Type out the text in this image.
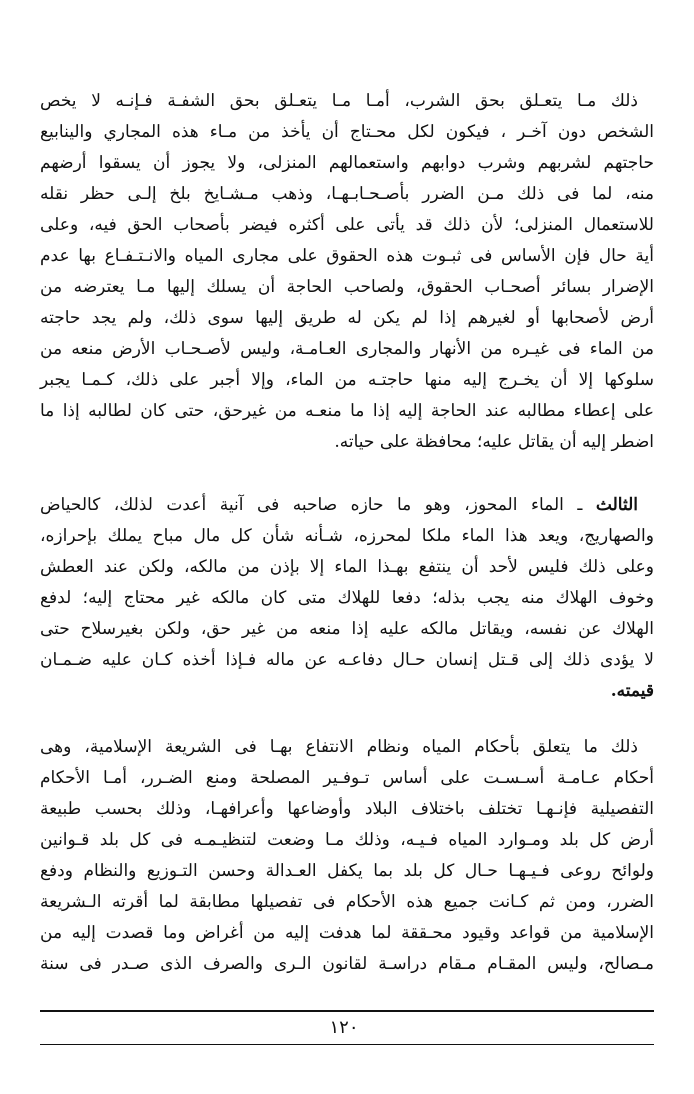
ذلك مـا يتعـلق بحق الشرب، أمـا مـا يتعـلق بحق الشفـة فـإنـه لا يخص
الشخص دون آخـر ، فيكون لكل محـتاج أن يأخذ من مـاء هذه المجاري والينابيع
حاجتهم لشربهم وشرب دوابهم واستعمالهم المنزلى، ولا يجوز أن يسقوا أرضهم
منه، لما فى ذلك مـن الضرر بأصـحـابـهـا، وذهب مـشـايخ بلخ إلـى حظر نقله
للاستعمال المنزلى؛ لأن ذلك قد يأتى على أكثره فيضر بأصحاب الحق فيه، وعلى
أية حال فإن الأساس فى ثبـوت هذه الحقوق على مجارى المياه والانـتـفـاع بها عدم
الإضرار بسائر أصحـاب الحقوق، ولصاحب الحاجة أن يسلك إليها مـا يعترضه من
أرض لأصحابها أو لغيرهم إذا لم يكن له طريق إليها سوى ذلك، ولم يجد حاجته
من الماء فى غيـره من الأنهار والمجارى العـامـة، وليس لأصـحـاب الأرض منعه من
سلوكها إلا أن يخـرج إليه منها حاجتـه من الماء، وإلا أجبر على ذلك، كـمـا يجبر
على إعطاء مطالبه عند الحاجة إليه إذا ما منعـه من غيرحق، حتى كان لطالبه إذا ما
اضطر إليه أن يقاتل عليه؛ محافظة على حياته.
الثالث ـ الماء المحوز، وهو ما حازه صاحبه فى آنية أعدت لذلك، كالحياض
والصهاريج، ويعد هذا الماء ملكا لمحرزه، شـأنه شأن كل مال مباح يملك بإحرازه،
وعلى ذلك فليس لأحد أن ينتفع بهـذا الماء إلا بإذن من مالكه، ولكن عند العطش
وخوف الهلاك منه يجب بذله؛ دفعا للهلاك متى كان مالكه غير محتاج إليه؛ لدفع
الهلاك عن نفسه، ويقاتل مالكه عليه إذا منعه من غير حق، ولكن بغيرسلاح حتى
لا يؤدى ذلك إلى قـتل إنسان حـال دفاعـه عن ماله فـإذا أخذه كـان عليه ضـمـان
قيمته.
ذلك ما يتعلق بأحكام المياه ونظام الانتفاع بهـا فى الشريعة الإسلامية، وهى
أحكام عـامـة أسـسـت على أساس تـوفـير المصلحة ومنع الضـرر، أمـا الأحكام
التفصيلية فإنـهـا تختلف باختلاف البلاد وأوضاعها وأعرافهـا، وذلك بحسب طبيعة
أرض كل بلد ومـوارد المياه فـيـه، وذلك مـا وضعت لتنظيـمـه فى كل بلد قـوانين
ولوائح روعى فـيـهـا حـال كل بلد بما يكفل العـدالة وحسن التـوزيع والنظام ودفع
الضرر، ومن ثم كـانت جميع هذه الأحكام فى تفصيلها مطابقة لما أقرته الـشريعة
الإسلامية من قواعد وقيود محـققة لما هدفت إليه من أغراض وما قصدت إليه من
مـصالح، وليس المقـام مـقام دراسـة لقانون الـرى والصرف الذى صـدر فى سنة
١٢٠
